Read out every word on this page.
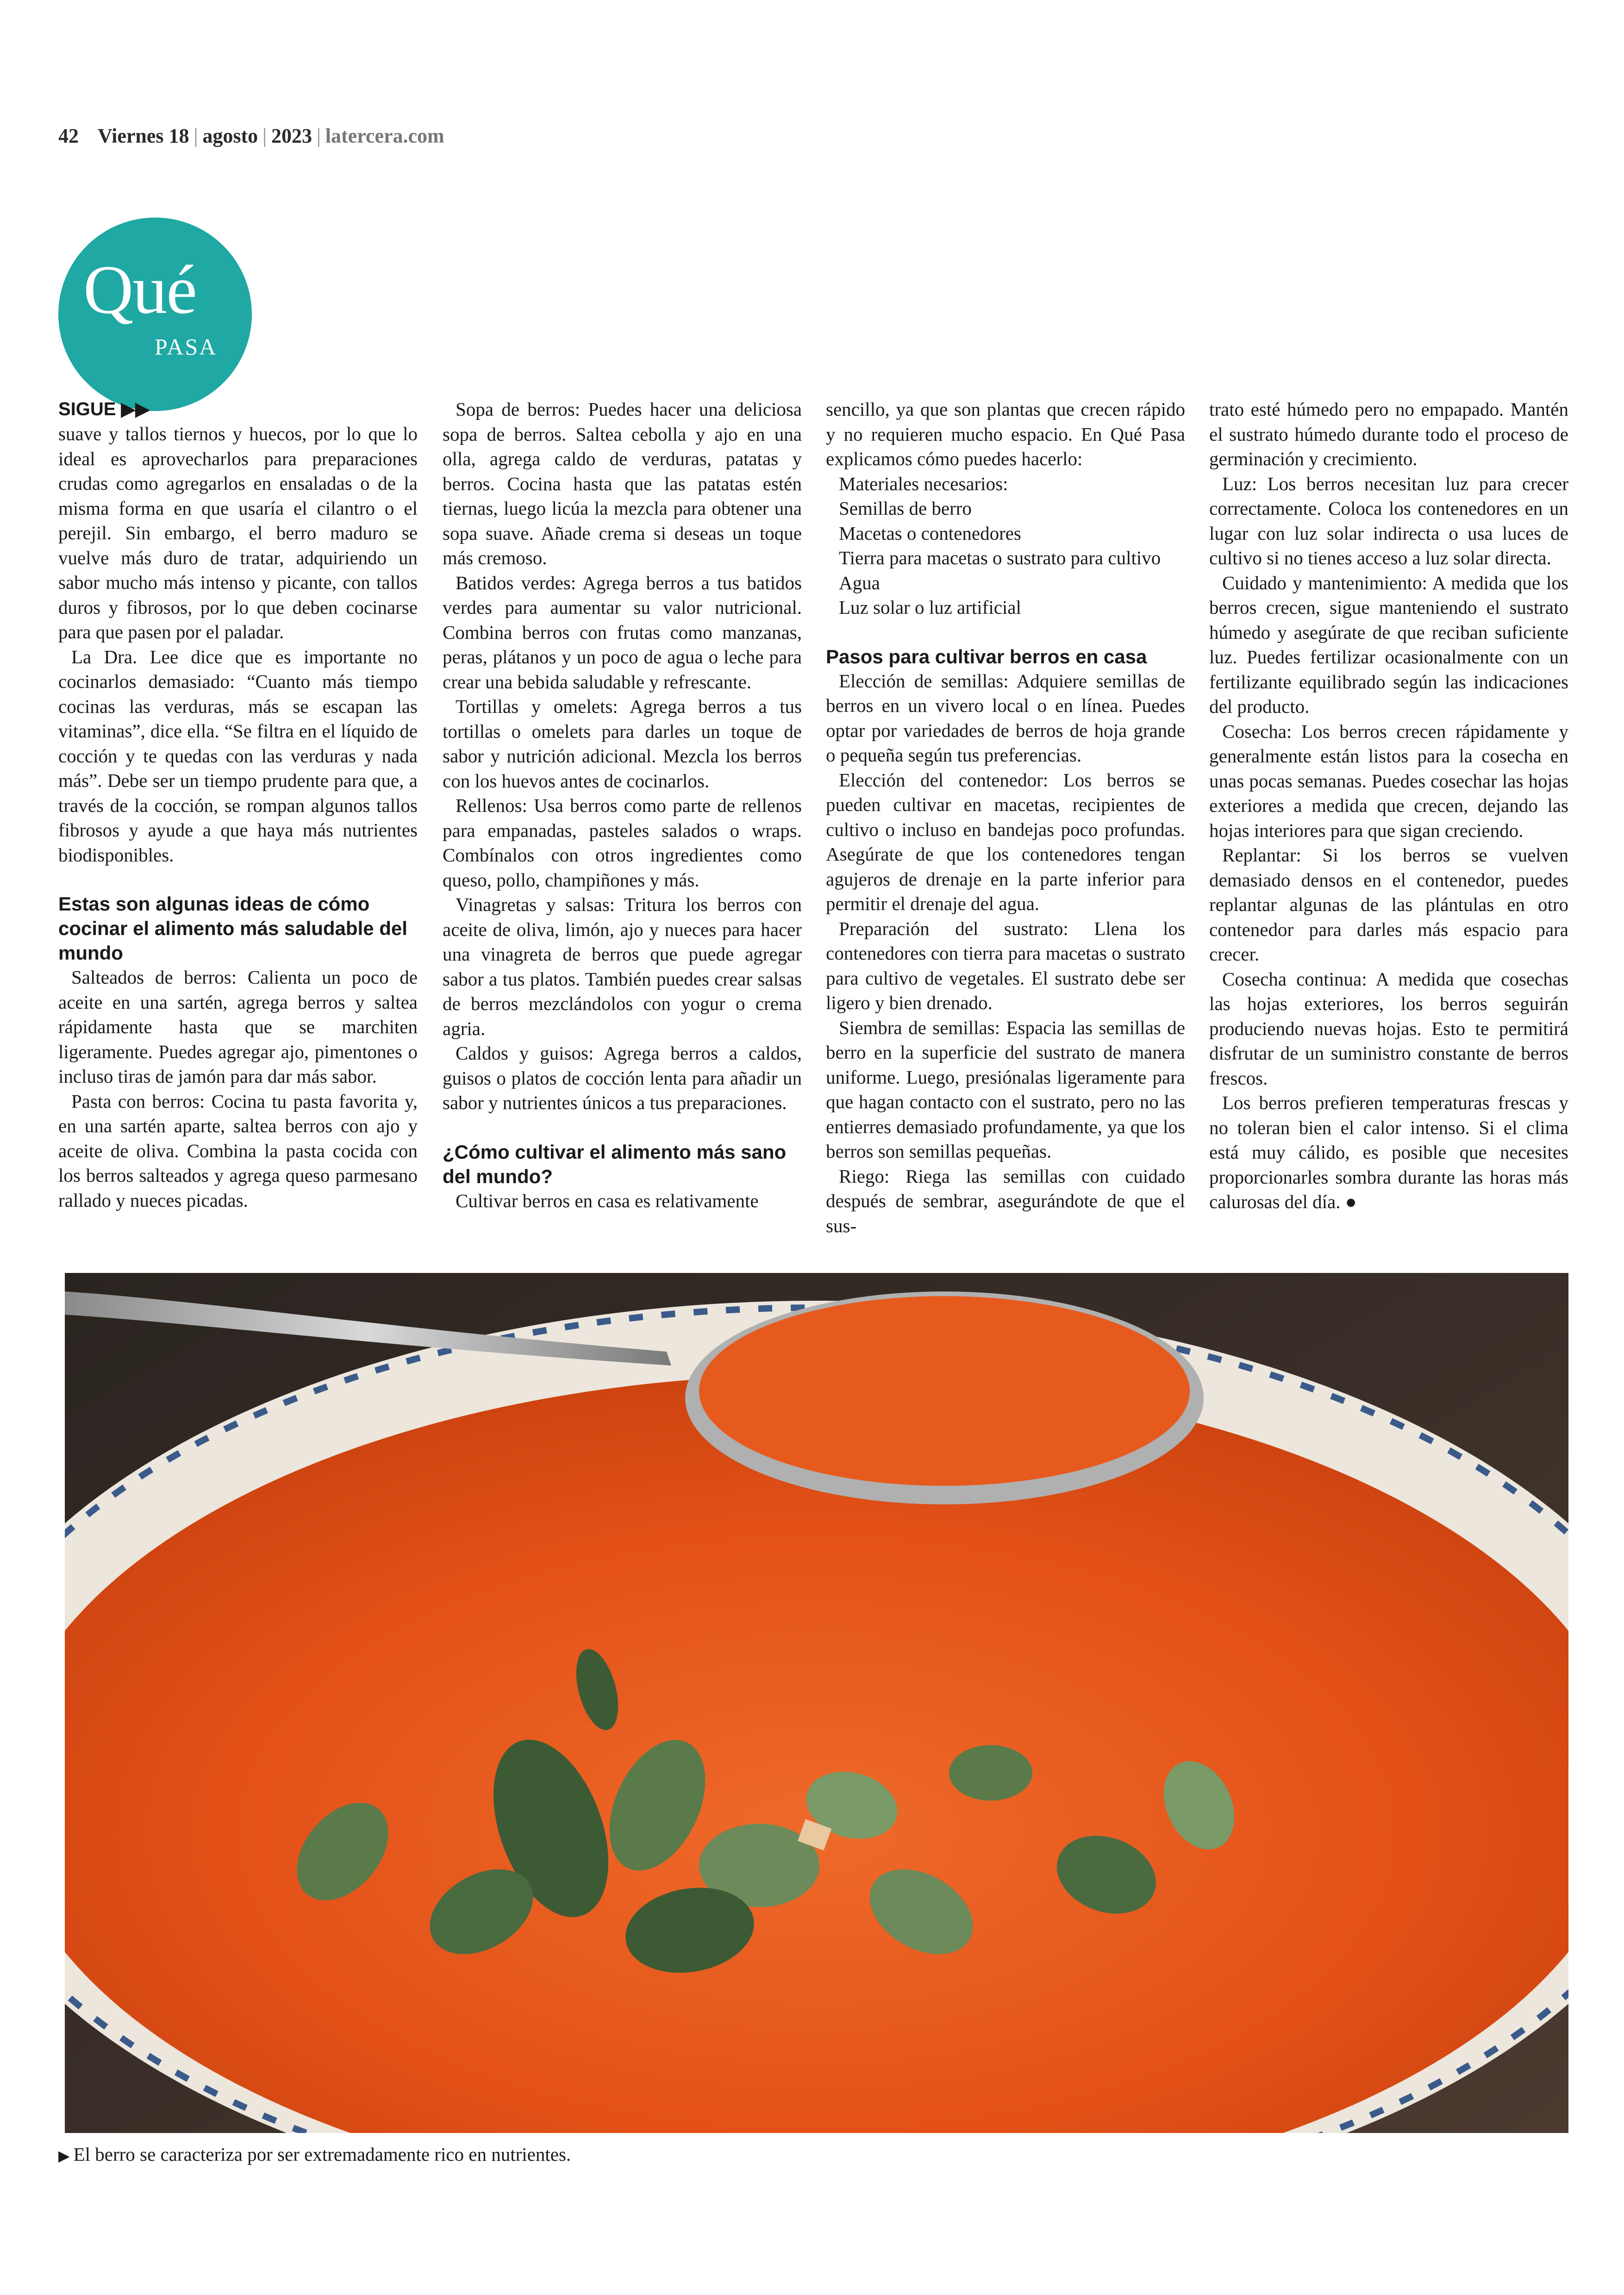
42 Viernes 18 | agosto | 2023 | latercera.com
Qué
PASA
SIGUE ▶▶

suave y tallos tiernos y huecos, por lo que lo ideal es aprovecharlos para preparaciones crudas como agregarlos en ensaladas o de la misma forma en que usaría el cilantro o el perejil. Sin embargo, el berro maduro se vuelve más duro de tratar, adquiriendo un sabor mucho más intenso y picante, con tallos duros y fibrosos, por lo que deben cocinarse para que pasen por el paladar.

La Dra. Lee dice que es importante no cocinarlos demasiado: “Cuanto más tiempo cocinas las verduras, más se escapan las vitaminas”, dice ella. “Se filtra en el líquido de cocción y te quedas con las verduras y nada más”. Debe ser un tiempo prudente para que, a través de la cocción, se rompan algunos tallos fibrosos y ayude a que haya más nutrientes biodisponibles.

Estas son algunas ideas de cómo cocinar el alimento más saludable del mundo

Salteados de berros: Calienta un poco de aceite en una sartén, agrega berros y saltea rápidamente hasta que se marchiten ligeramente. Puedes agregar ajo, pimentones o incluso tiras de jamón para dar más sabor.

Pasta con berros: Cocina tu pasta favorita y, en una sartén aparte, saltea berros con ajo y aceite de oliva. Combina la pasta cocida con los berros salteados y agrega queso parmesano rallado y nueces picadas.

Sopa de berros: Puedes hacer una deliciosa sopa de berros. Saltea cebolla y ajo en una olla, agrega caldo de verduras, patatas y berros. Cocina hasta que las patatas estén tiernas, luego licúa la mezcla para obtener una sopa suave. Añade crema si deseas un toque más cremoso.

Batidos verdes: Agrega berros a tus batidos verdes para aumentar su valor nutricional. Combina berros con frutas como manzanas, peras, plátanos y un poco de agua o leche para crear una bebida saludable y refrescante.

Tortillas y omelets: Agrega berros a tus tortillas o omelets para darles un toque de sabor y nutrición adicional. Mezcla los berros con los huevos antes de cocinarlos.

Rellenos: Usa berros como parte de rellenos para empanadas, pasteles salados o wraps. Combínalos con otros ingredientes como queso, pollo, champiñones y más.

Vinagretas y salsas: Tritura los berros con aceite de oliva, limón, ajo y nueces para hacer una vinagreta de berros que puede agregar sabor a tus platos. También puedes crear salsas de berros mezclándolos con yogur o crema agria.

Caldos y guisos: Agrega berros a caldos, guisos o platos de cocción lenta para añadir un sabor y nutrientes únicos a tus preparaciones.

¿Cómo cultivar el alimento más sano del mundo?

Cultivar berros en casa es relativamente

sencillo, ya que son plantas que crecen rápido y no requieren mucho espacio. En Qué Pasa explicamos cómo puedes hacerlo:

Materiales necesarios:
Semillas de berro
Macetas o contenedores
Tierra para macetas o sustrato para cultivo
Agua
Luz solar o luz artificial
Pasos para cultivar berros en casa

Elección de semillas: Adquiere semillas de berros en un vivero local o en línea. Puedes optar por variedades de berros de hoja grande o pequeña según tus preferencias.

Elección del contenedor: Los berros se pueden cultivar en macetas, recipientes de cultivo o incluso en bandejas poco profundas. Asegúrate de que los contenedores tengan agujeros de drenaje en la parte inferior para permitir el drenaje del agua.

Preparación del sustrato: Llena los contenedores con tierra para macetas o sustrato para cultivo de vegetales. El sustrato debe ser ligero y bien drenado.

Siembra de semillas: Espacia las semillas de berro en la superficie del sustrato de manera uniforme. Luego, presiónalas ligeramente para que hagan contacto con el sustrato, pero no las entierres demasiado profundamente, ya que los berros son semillas pequeñas.

Riego: Riega las semillas con cuidado después de sembrar, asegurándote de que el sus-

trato esté húmedo pero no empapado. Mantén el sustrato húmedo durante todo el proceso de germinación y crecimiento.

Luz: Los berros necesitan luz para crecer correctamente. Coloca los contenedores en un lugar con luz solar indirecta o usa luces de cultivo si no tienes acceso a luz solar directa.

Cuidado y mantenimiento: A medida que los berros crecen, sigue manteniendo el sustrato húmedo y asegúrate de que reciban suficiente luz. Puedes fertilizar ocasionalmente con un fertilizante equilibrado según las indicaciones del producto.

Cosecha: Los berros crecen rápidamente y generalmente están listos para la cosecha en unas pocas semanas. Puedes cosechar las hojas exteriores a medida que crecen, dejando las hojas interiores para que sigan creciendo.

Replantar: Si los berros se vuelven demasiado densos en el contenedor, puedes replantar algunas de las plántulas en otro contenedor para darles más espacio para crecer.

Cosecha continua: A medida que cosechas las hojas exteriores, los berros seguirán produciendo nuevas hojas. Esto te permitirá disfrutar de un suministro constante de berros frescos.

Los berros prefieren temperaturas frescas y no toleran bien el calor intenso. Si el clima está muy cálido, es posible que necesites proporcionarles sombra durante las horas más calurosas del día. ●

▶ El berro se caracteriza por ser extremadamente rico en nutrientes.
